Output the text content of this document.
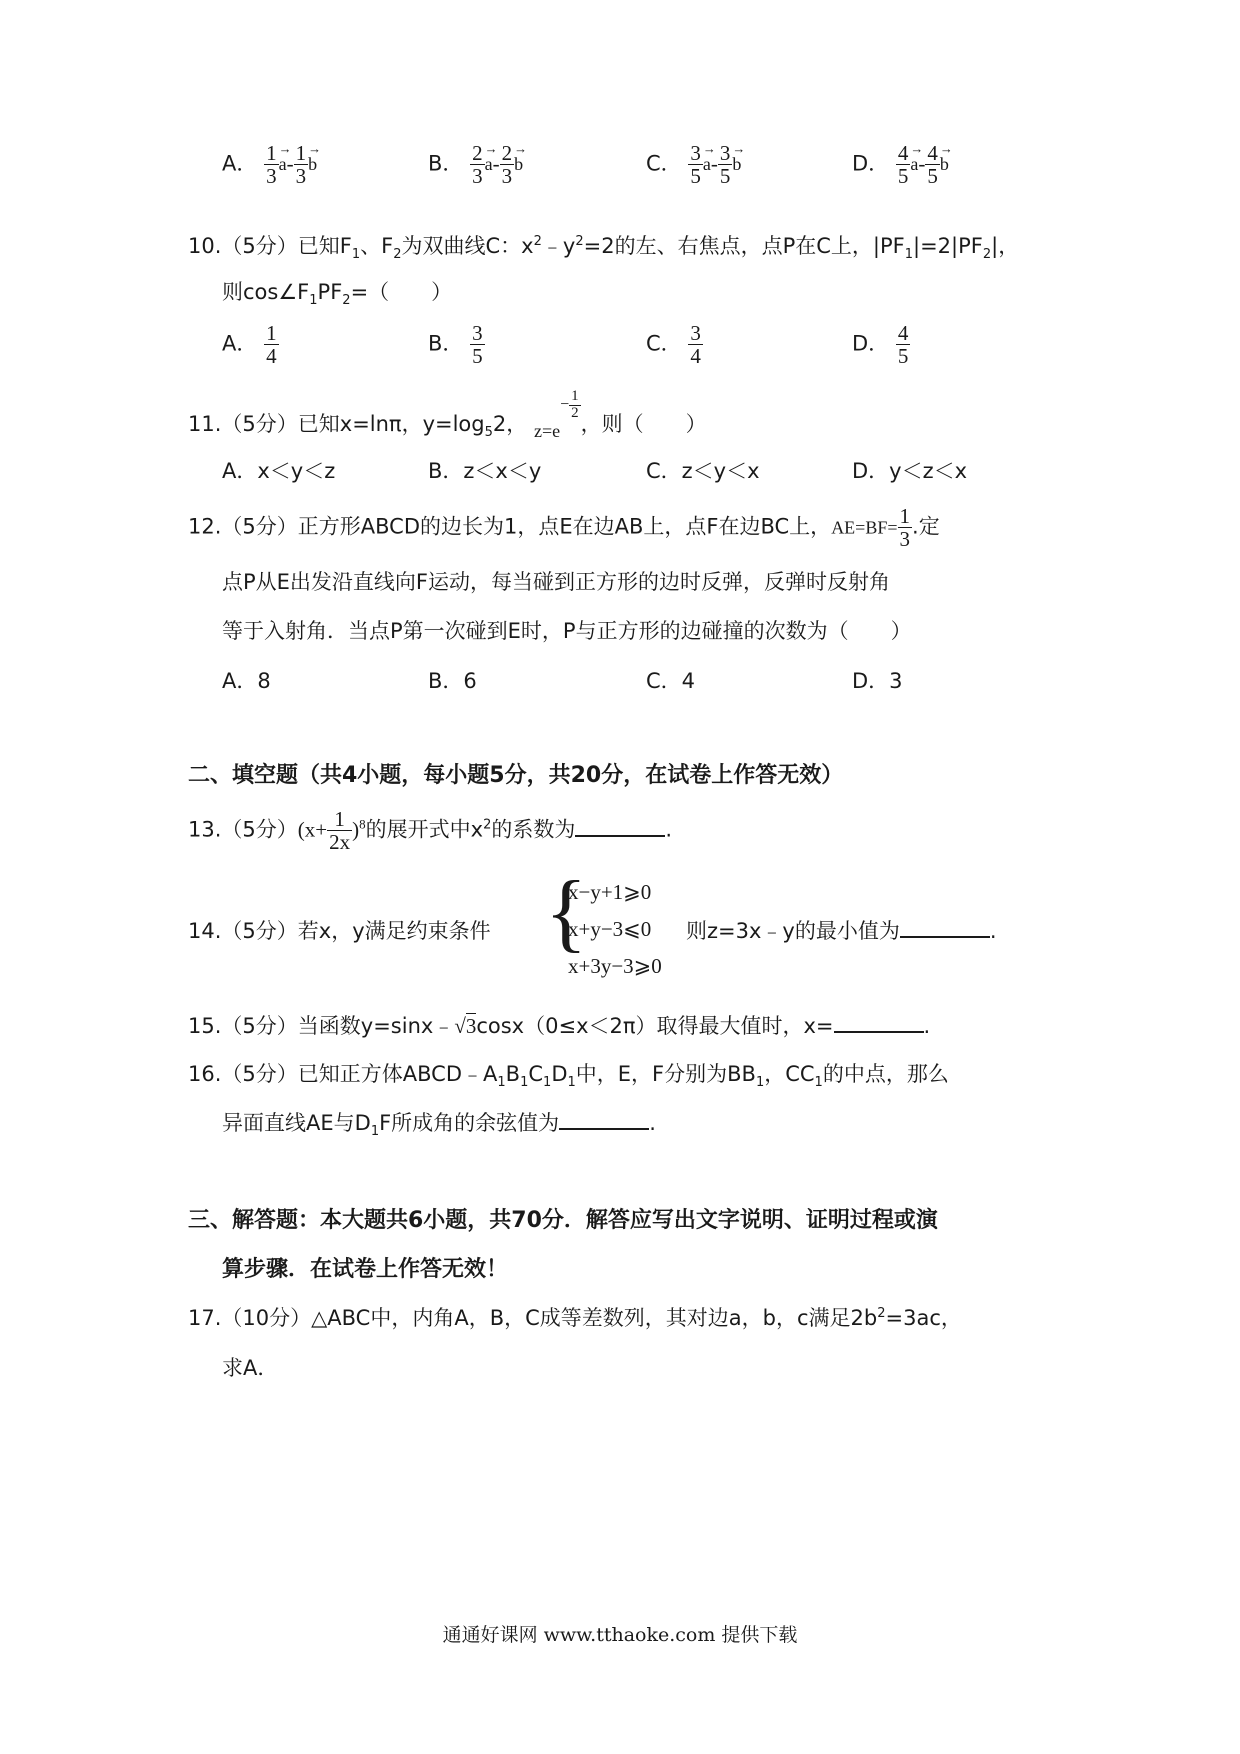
A． $\frac{1}{3}$
→ $a- \frac{1}{3}$
→ b	B． $\frac{2}{3}$
→ $a- \frac{2}{3}$
→ b	C． $\frac{3}{5}$
→ $a- \frac{3}{5}$
→ b	D． $\frac{4}{5}$
→ $a- \frac{4}{5}$
→ b
10.（5分）已知$F_1$、$F_2$为双曲线C：$x^2﹣y^2=2$的左、右焦点，点P在C上，$|PF_1|=2|PF_2|$，
则$\cos\angle F_1PF_2=$（　　）
A． $\frac{1}{4}$	B． $\frac{3}{5}$	C． $\frac{3}{4}$	D． $\frac{4}{5}$
11.（5分）已知x=lnπ，$y=\log_52$， $z=e^{- \frac{1}{2}}$
，则（　　）
A．x＜y＜z	B．z＜x＜y	C．z＜y＜x	D．y＜z＜x
12.（5分）正方形ABCD的边长为1，点E在边AB上，点F在边BC上，$AE=BF= \frac{1}{3}$ .定
点P从E出发沿直线向F运动，每当碰到正方形的边时反弹，反弹时反射角
等于入射角．当点P第一次碰到E时，P与正方形的边碰撞的次数为（　　）
A．8	B．6	C．4	D．3
二、填空题（共4小题，每小题5分，共20分，在试卷上作答无效）
13.（5分）$(x+ \frac{1}{2x} )^8$的展开式中$x^2$的系数为	.
14.（5分）若x，y满足约束条件 {
x−y+1⩾0
x+y−3⩽0
x+3y−3⩾0
则z=3x﹣y的最小值为	.
15.（5分）当函数y=sinx﹣√3cosx（0≤x＜2π）取得最大值时，x=	.
16.（5分）已知正方体$ABCD﹣A_1B_1C_1D_1$中，E，F分别为$BB_1$，$CC_1$的中点，那么
异面直线AE与$D_1F$所成角的余弦值为	.
三、解答题：本大题共6小题，共70分．解答应写出文字说明、证明过程或演
算步骤．在试卷上作答无效！
17.（10分）△ABC中，内角A，B，C成等差数列，其对边a，b，c满足$2b^2=3ac$，
求A．
通通好课网 www.tthaoke.com 提供下载
